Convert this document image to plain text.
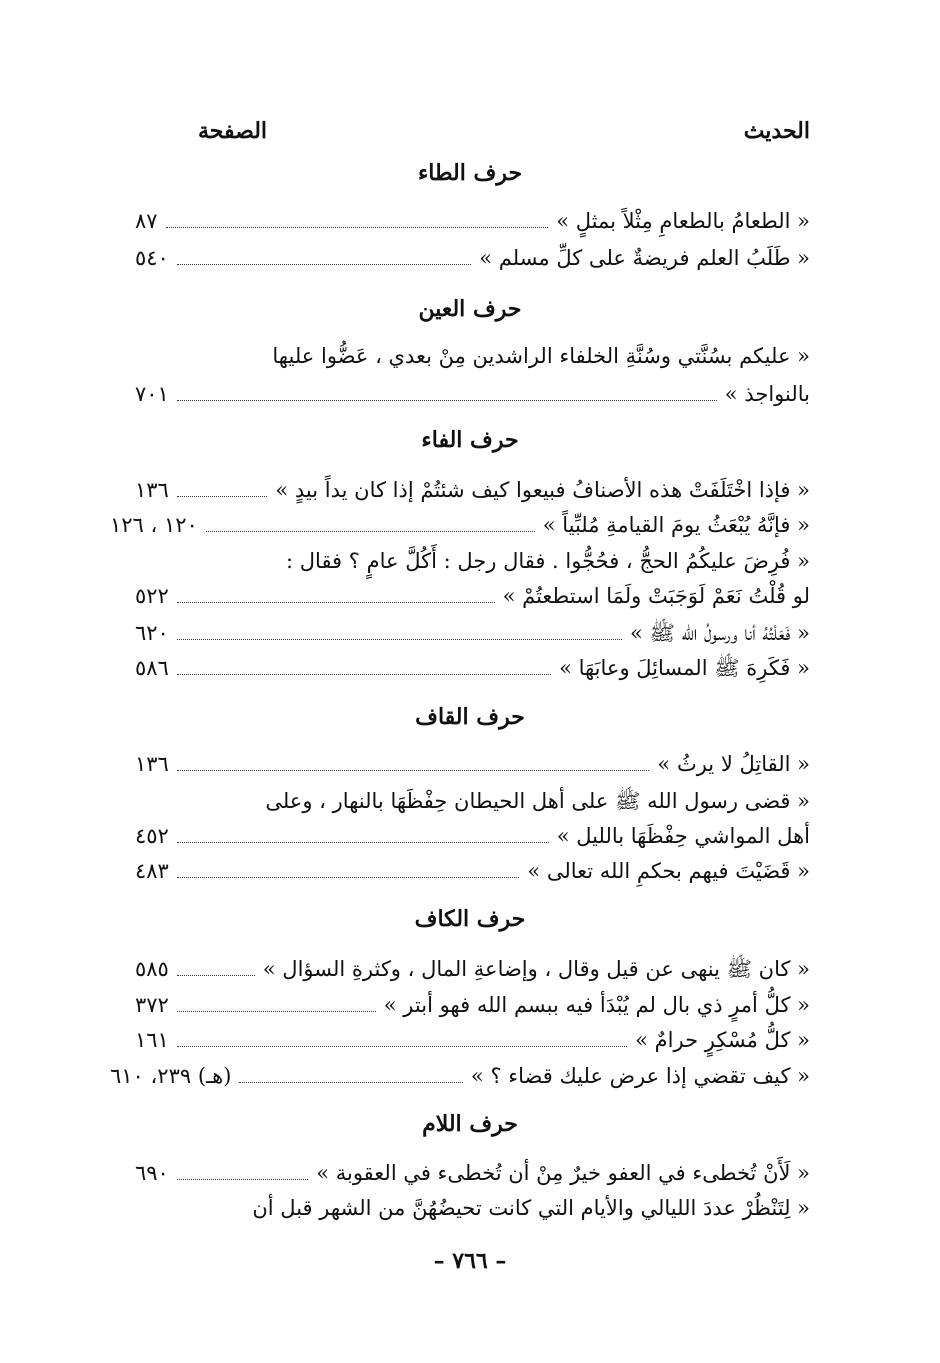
الحديث
الصفحة
حرف الطاء
« الطعامُ بالطعامِ مِثْلاً بمثلٍ »
٨٧
« طَلَبُ العلم فريضةٌ على كلِّ مسلم »
٥٤٠
حرف العين
« عليكم بسُنَّتي وسُنَّةِ الخلفاء الراشدين مِنْ بعدي ، عَضُّوا عليها
بالنواجذ »
٧٠١
حرف الفاء
« فإذا اخْتَلَفَتْ هذه الأصنافُ فبيعوا كيف شئتُمْ إذا كان يداً بيدٍ »
١٣٦
« فإنَّهُ يُبْعَثُ يومَ القيامةِ مُلبِّياً »
١٢٠ ، ١٢٦
« فُرِضَ عليكُمُ الحجُّ ، فحُجُّوا . فقال رجل : أَكُلَّ عامٍ ؟ فقال :
لو قُلْتُ نَعَمْ لَوَجَبَتْ ولَمَا استطعتُمْ »
٥٢٢
« فَعَلْتُهُ أنا ورسولُ الله ﷺ »
٦٢٠
« فَكَرِهَ ﷺ المسائِلَ وعابَهَا »
٥٨٦
حرف القاف
« القاتِلُ لا يرثُ »
١٣٦
« قضى رسول الله ﷺ على أهل الحيطان حِفْظَهَا بالنهار ، وعلى
أهل المواشي حِفْظَهَا بالليل »
٤٥٢
« قَضَيْتَ فيهم بحكمِ الله تعالى »
٤٨٣
حرف الكاف
« كان ﷺ ينهى عن قيل وقال ، وإضاعةِ المال ، وكثرةِ السؤال »
٥٨٥
« كلُّ أمرٍ ذي بال لم يُبْدَأ فيه ببسم الله فهو أبتر »
٣٧٢
« كلُّ مُسْكِرٍ حرامٌ »
١٦١
« كيف تقضي إذا عرض عليك قضاء ؟ »
(هـ) ٢٣٩، ٦١٠
حرف اللام
« لَأَنْ تُخطىء في العفو خيرٌ مِنْ أن تُخطىء في العقوبة »
٦٩٠
« لِتَنْظُرْ عددَ الليالي والأيام التي كانت تحيضُهُنَّ من الشهر قبل أن
– ٧٦٦ –
